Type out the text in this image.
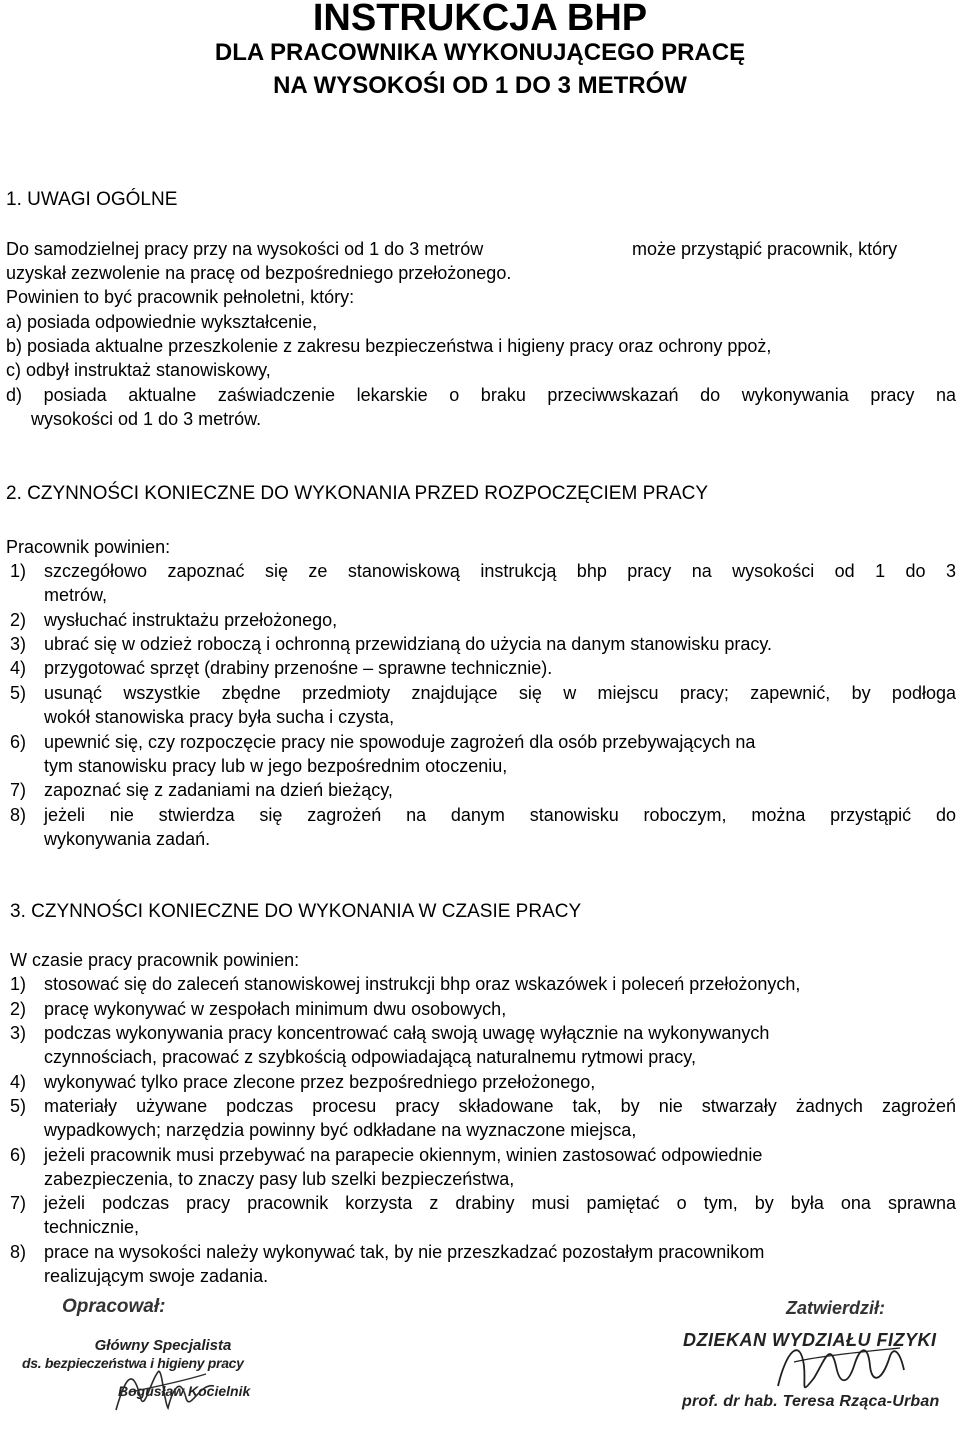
INSTRUKCJA BHP
DLA PRACOWNIKA WYKONUJĄCEGO PRACĘ
NA WYSOKOŚI OD 1 DO 3 METRÓW
1. UWAGI OGÓLNE
Do samodzielnej pracy przy na wysokości od 1 do 3 metrów	może przystąpić pracownik, który
uzyskał zezwolenie na pracę od bezpośredniego przełożonego.
Powinien to być pracownik pełnoletni, który:
a) posiada odpowiednie wykształcenie,
b) posiada aktualne przeszkolenie z zakresu bezpieczeństwa i higieny pracy oraz ochrony ppoż,
c) odbył instruktaż stanowiskowy,
d) posiada aktualne zaświadczenie lekarskie o braku przeciwwskazań do wykonywania pracy na
wysokości od 1 do 3 metrów.
2. CZYNNOŚCI KONIECZNE DO WYKONANIA PRZED ROZPOCZĘCIEM PRACY
Pracownik powinien:
1) szczegółowo zapoznać się ze stanowiskową instrukcją bhp pracy na wysokości od 1 do 3
metrów,
2) wysłuchać instruktażu przełożonego,
3) ubrać się w odzież roboczą i ochronną przewidzianą do użycia na danym stanowisku pracy.
4) przygotować sprzęt (drabiny przenośne – sprawne technicznie).
5) usunąć wszystkie zbędne przedmioty znajdujące się w miejscu pracy; zapewnić, by podłoga
wokół stanowiska pracy była sucha i czysta,
6) upewnić się, czy rozpoczęcie pracy nie spowoduje zagrożeń dla osób przebywających na
tym stanowisku pracy lub w jego bezpośrednim otoczeniu,
7) zapoznać się z zadaniami na dzień bieżący,
8) jeżeli nie stwierdza się zagrożeń na danym stanowisku roboczym, można przystąpić do
wykonywania zadań.
3. CZYNNOŚCI KONIECZNE DO WYKONANIA W CZASIE PRACY
W czasie pracy pracownik powinien:
1) stosować się do zaleceń stanowiskowej instrukcji bhp oraz wskazówek i poleceń przełożonych,
2) pracę wykonywać w zespołach minimum dwu osobowych,
3) podczas wykonywania pracy koncentrować całą swoją uwagę wyłącznie na wykonywanych
czynnościach, pracować z szybkością odpowiadającą naturalnemu rytmowi pracy,
4) wykonywać tylko prace zlecone przez bezpośredniego przełożonego,
5) materiały używane podczas procesu pracy składowane tak, by nie stwarzały żadnych zagrożeń
wypadkowych; narzędzia powinny być odkładane na wyznaczone miejsca,
6) jeżeli pracownik musi przebywać na parapecie okiennym, winien zastosować odpowiednie
zabezpieczenia, to znaczy pasy lub szelki bezpieczeństwa,
7) jeżeli podczas pracy pracownik korzysta z drabiny musi pamiętać o tym, by była ona sprawna
technicznie,
8) prace na wysokości należy wykonywać tak, by nie przeszkadzać pozostałym pracownikom
realizującym swoje zadania.
Opracował:
Główny Specjalista
ds. bezpieczeństwa i higieny pracy
Bogusław Kocielnik
Zatwierdził:
DZIEKAN WYDZIAŁU FIZYKI
prof. dr hab. Teresa Rząca-Urban
